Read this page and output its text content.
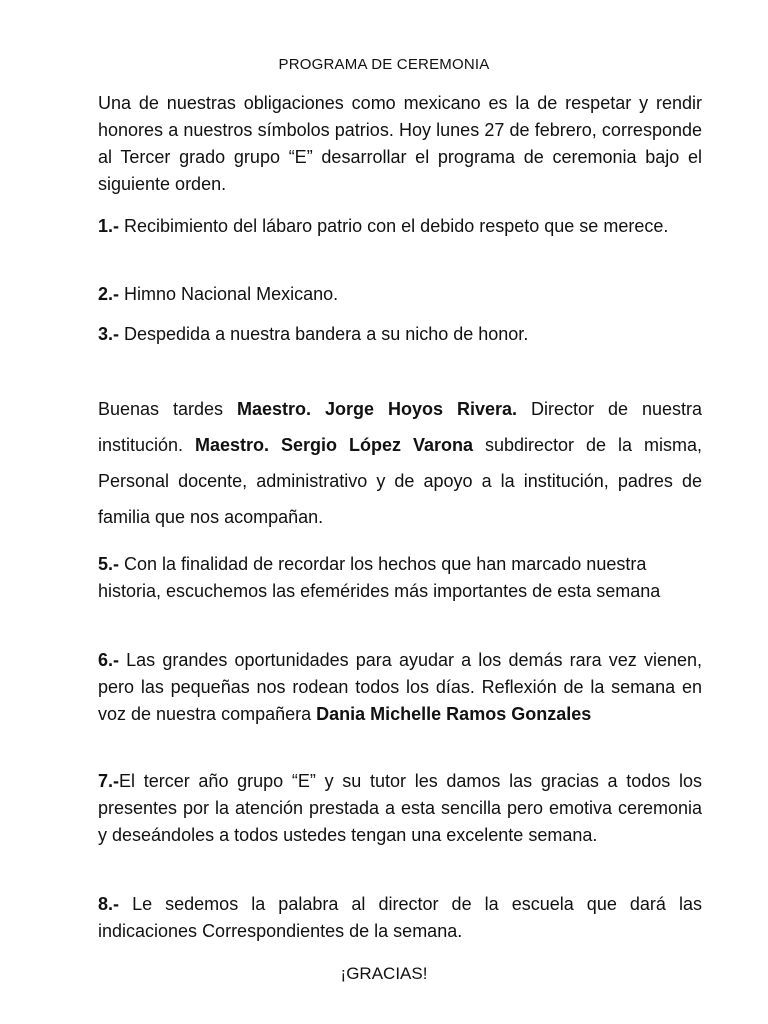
PROGRAMA DE CEREMONIA

Una de nuestras obligaciones como mexicano es la de respetar y rendir honores a nuestros símbolos patrios. Hoy lunes 27 de febrero, corresponde al Tercer grado grupo “E” desarrollar el programa de ceremonia bajo el siguiente orden.

1.- Recibimiento del lábaro patrio con el debido respeto que se merece.

2.- Himno Nacional Mexicano.

3.- Despedida a nuestra bandera a su nicho de honor.

Buenas tardes Maestro. Jorge Hoyos Rivera. Director de nuestra institución. Maestro. Sergio López Varona subdirector de la misma, Personal docente, administrativo y de apoyo a la institución, padres de familia que nos acompañan.

5.- Con la finalidad de recordar los hechos que han marcado nuestra historia, escuchemos las efemérides más importantes de esta semana

6.- Las grandes oportunidades para ayudar a los demás rara vez vienen, pero las pequeñas nos rodean todos los días. Reflexión de la semana en voz de nuestra compañera Dania Michelle Ramos Gonzales

7.-El tercer año grupo “E” y su tutor les damos las gracias a todos los presentes por la atención prestada a esta sencilla pero emotiva ceremonia y deseándoles a todos ustedes tengan una excelente semana.

8.- Le sedemos la palabra al director de la escuela que dará las indicaciones Correspondientes de la semana.

¡GRACIAS!
